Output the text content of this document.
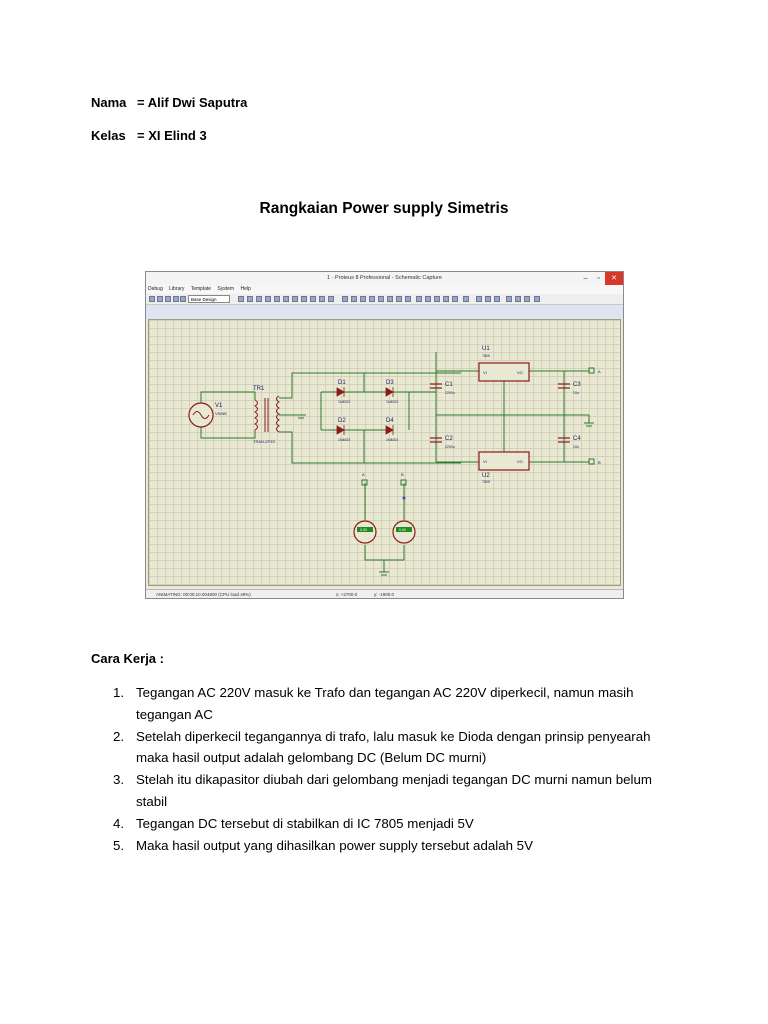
Nama = Alif Dwi Saputra
Kelas = XI Elind 3
Rangkaian Power supply Simetris
1 - Proteus 8 Professional - Schematic Capture	–	▫	✕
Debug Library Template System Help
Base Design
V1
VSINE
TR1
TRAN-2P3S
D1
1N4002
D2
1N4002
D3
1N4002
D4
1N4002
C1
2200u
C2
2200u
C3
10u
C4
10u
VI	VO
VI	VO
U1
7805
U2
7805
A
B
A	B
0.00	0.00
ANIMATING: 00:00:10.004800 (CPU load 49%)	x: +2700.0	y: -1900.0
Cara Kerja :
1. Tegangan AC 220V masuk ke Trafo dan tegangan AC 220V diperkecil, namun masih
tegangan AC
2. Setelah diperkecil tegangannya di trafo, lalu masuk ke Dioda dengan prinsip penyearah
maka hasil output adalah gelombang DC (Belum DC murni)
3. Stelah itu dikapasitor diubah dari gelombang menjadi tegangan DC murni namun belum
stabil
4. Tegangan DC tersebut di stabilkan di IC 7805 menjadi 5V
5. Maka hasil output yang dihasilkan power supply tersebut adalah 5V
